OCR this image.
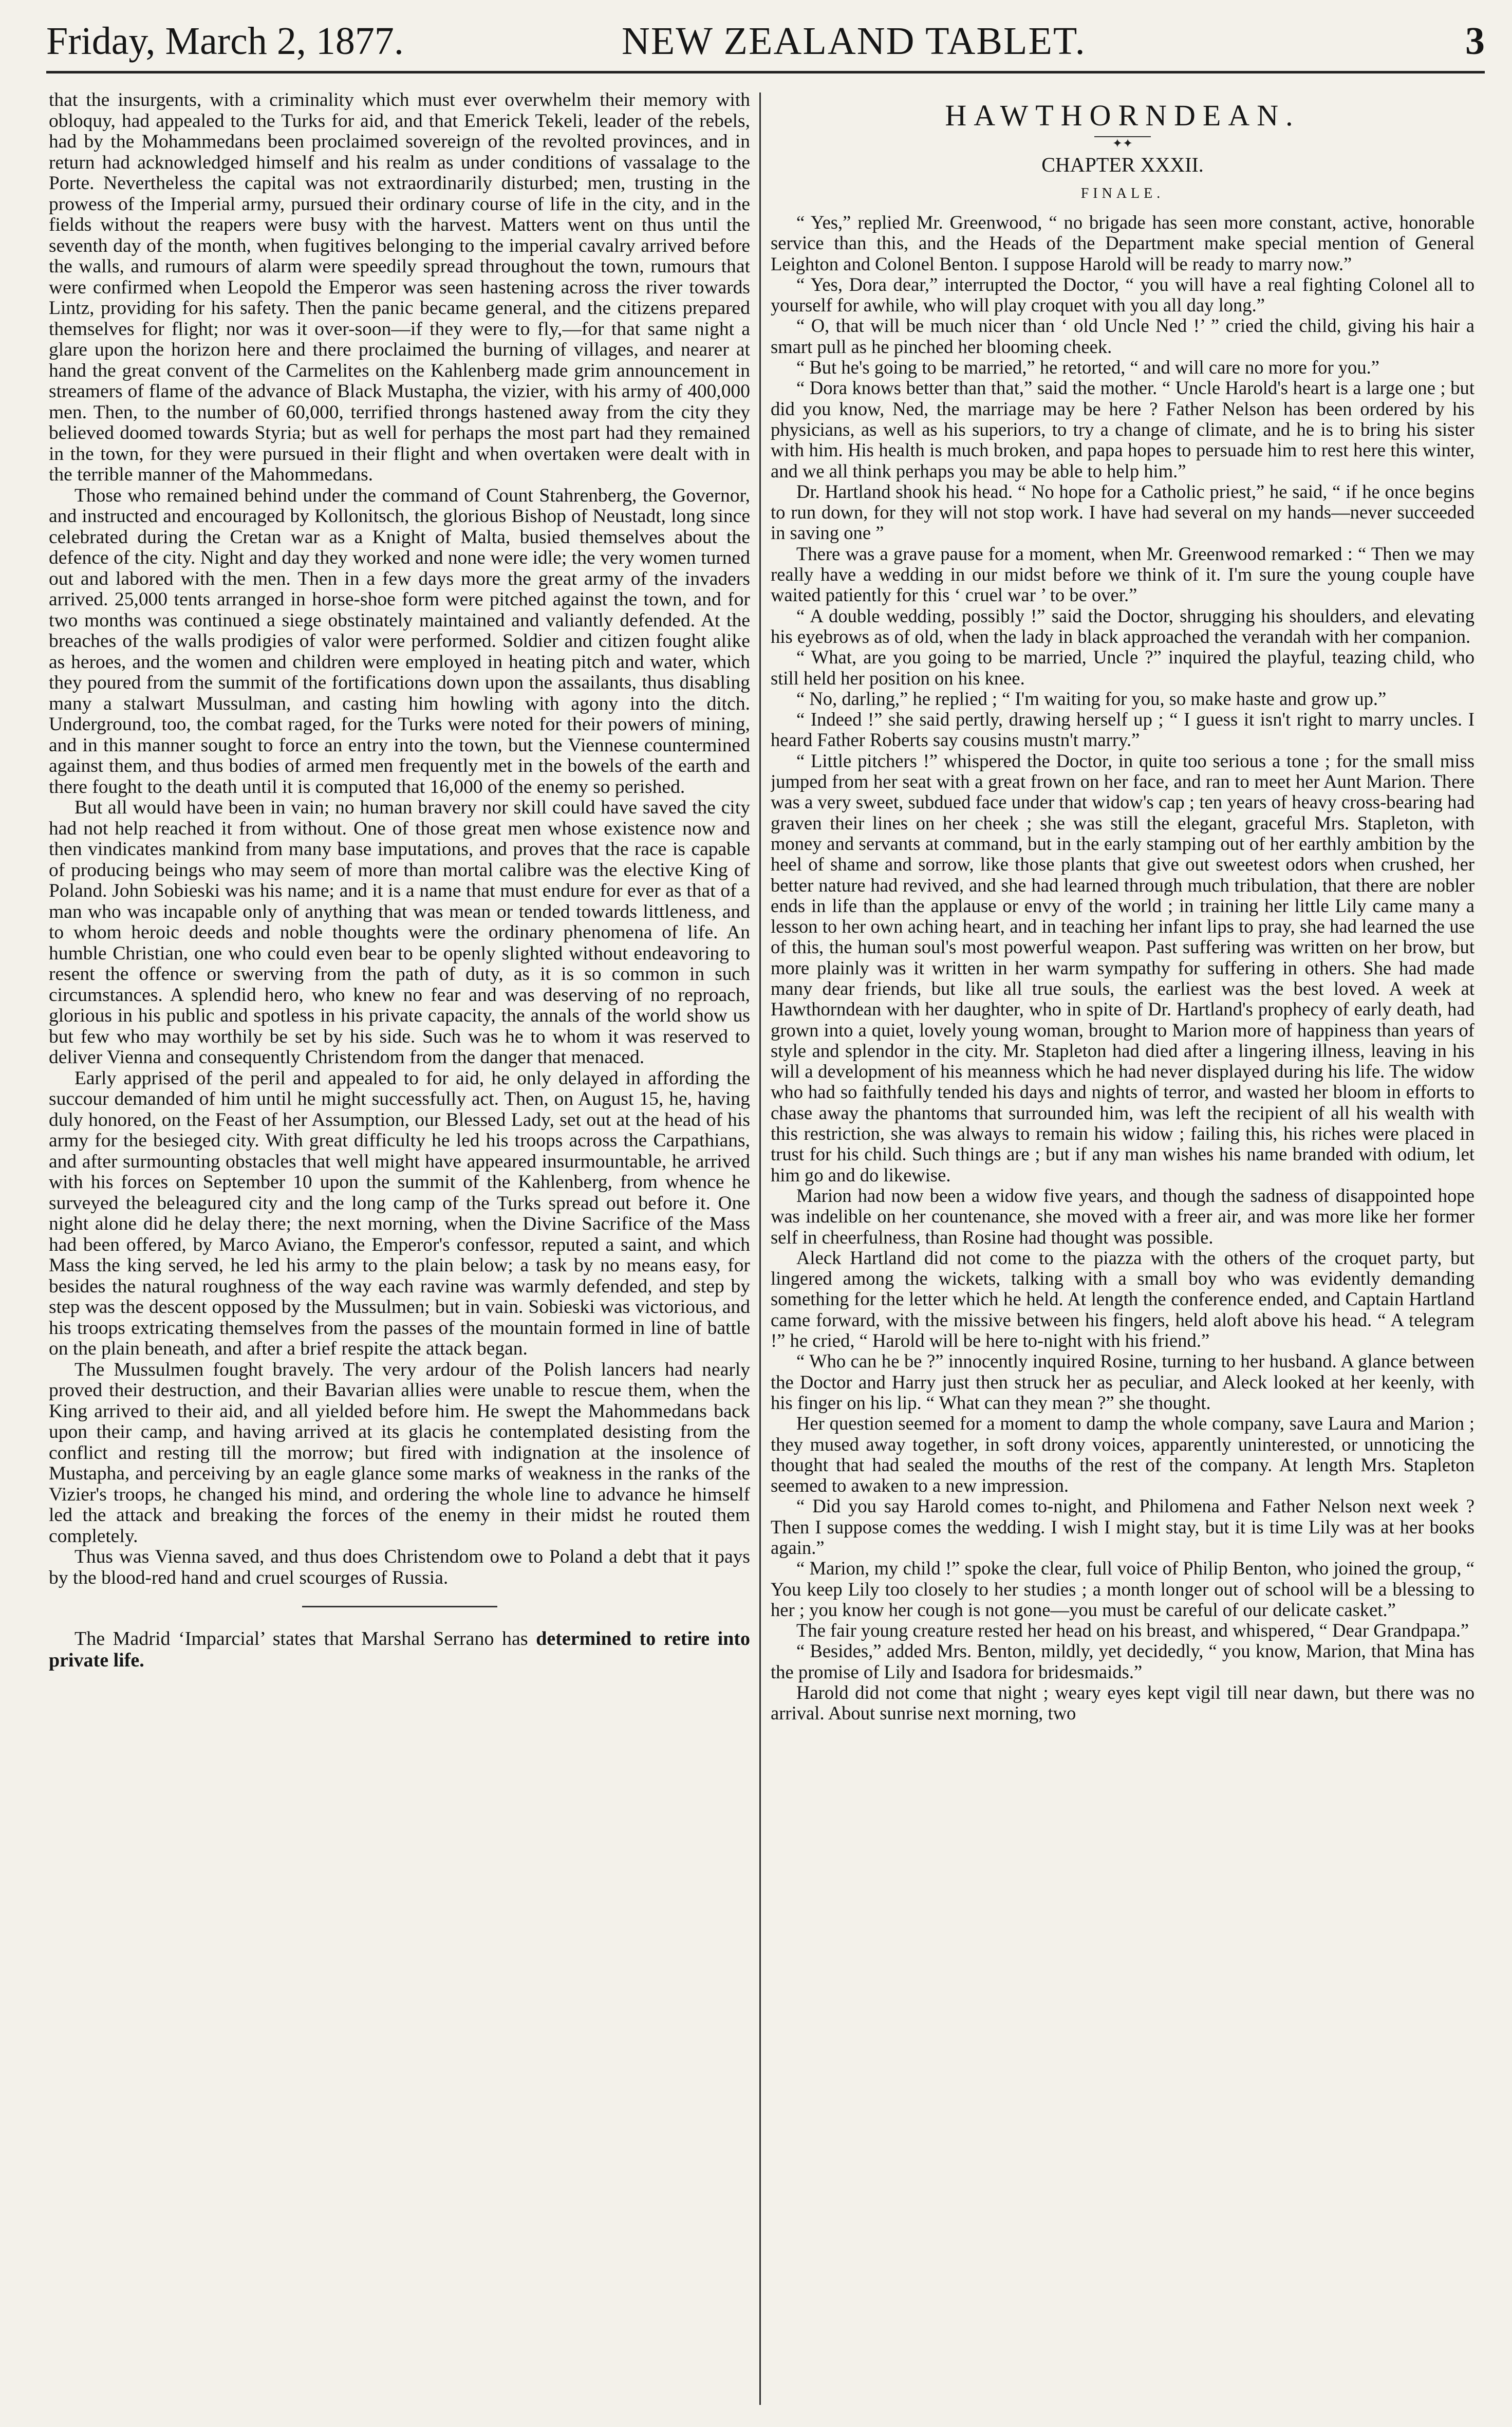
Friday, March 2, 1877.	NEW ZEALAND TABLET.	3

that the insurgents, with a criminality which must ever overwhelm their memory with obloquy, had appealed to the Turks for aid, and that Emerick Tekeli, leader of the rebels, had by the Mohammedans been proclaimed sovereign of the revolted provinces, and in return had acknowledged himself and his realm as under conditions of vassalage to the Porte. Nevertheless the capital was not extraordinarily disturbed; men, trusting in the prowess of the Imperial army, pursued their ordinary course of life in the city, and in the fields without the reapers were busy with the harvest. Matters went on thus until the seventh day of the month, when fugitives belonging to the imperial cavalry arrived before the walls, and rumours of alarm were speedily spread throughout the town, rumours that were confirmed when Leopold the Emperor was seen hastening across the river towards Lintz, providing for his safety. Then the panic became general, and the citizens prepared themselves for flight; nor was it over-soon—if they were to fly,—for that same night a glare upon the horizon here and there proclaimed the burning of villages, and nearer at hand the great convent of the Carmelites on the Kahlenberg made grim announcement in streamers of flame of the advance of Black Mustapha, the vizier, with his army of 400,000 men. Then, to the number of 60,000, terrified throngs hastened away from the city they believed doomed towards Styria; but as well for perhaps the most part had they remained in the town, for they were pursued in their flight and when overtaken were dealt with in the terrible manner of the Mahommedans.

Those who remained behind under the command of Count Stahrenberg, the Governor, and instructed and encouraged by Kollonitsch, the glorious Bishop of Neustadt, long since celebrated during the Cretan war as a Knight of Malta, busied themselves about the defence of the city. Night and day they worked and none were idle; the very women turned out and labored with the men. Then in a few days more the great army of the invaders arrived. 25,000 tents arranged in horse-shoe form were pitched against the town, and for two months was continued a siege obstinately maintained and valiantly defended. At the breaches of the walls prodigies of valor were performed. Soldier and citizen fought alike as heroes, and the women and children were employed in heating pitch and water, which they poured from the summit of the fortifications down upon the assailants, thus disabling many a stalwart Mussulman, and casting him howling with agony into the ditch. Underground, too, the combat raged, for the Turks were noted for their powers of mining, and in this manner sought to force an entry into the town, but the Viennese countermined against them, and thus bodies of armed men frequently met in the bowels of the earth and there fought to the death until it is computed that 16,000 of the enemy so perished.

But all would have been in vain; no human bravery nor skill could have saved the city had not help reached it from without. One of those great men whose existence now and then vindicates mankind from many base imputations, and proves that the race is capable of producing beings who may seem of more than mortal calibre was the elective King of Poland. John Sobieski was his name; and it is a name that must endure for ever as that of a man who was incapable only of anything that was mean or tended towards littleness, and to whom heroic deeds and noble thoughts were the ordinary phenomena of life. An humble Christian, one who could even bear to be openly slighted without endeavoring to resent the offence or swerving from the path of duty, as it is so common in such circumstances. A splendid hero, who knew no fear and was deserving of no reproach, glorious in his public and spotless in his private capacity, the annals of the world show us but few who may worthily be set by his side. Such was he to whom it was reserved to deliver Vienna and consequently Christendom from the danger that menaced.

Early apprised of the peril and appealed to for aid, he only delayed in affording the succour demanded of him until he might successfully act. Then, on August 15, he, having duly honored, on the Feast of her Assumption, our Blessed Lady, set out at the head of his army for the besieged city. With great difficulty he led his troops across the Carpathians, and after surmounting obstacles that well might have appeared insurmountable, he arrived with his forces on September 10 upon the summit of the Kahlenberg, from whence he surveyed the beleagured city and the long camp of the Turks spread out before it. One night alone did he delay there; the next morning, when the Divine Sacrifice of the Mass had been offered, by Marco Aviano, the Emperor's confessor, reputed a saint, and which Mass the king served, he led his army to the plain below; a task by no means easy, for besides the natural roughness of the way each ravine was warmly defended, and step by step was the descent opposed by the Mussulmen; but in vain. Sobieski was victorious, and his troops extricating themselves from the passes of the mountain formed in line of battle on the plain beneath, and after a brief respite the attack began.

The Mussulmen fought bravely. The very ardour of the Polish lancers had nearly proved their destruction, and their Bavarian allies were unable to rescue them, when the King arrived to their aid, and all yielded before him. He swept the Mahommedans back upon their camp, and having arrived at its glacis he contemplated desisting from the conflict and resting till the morrow; but fired with indignation at the insolence of Mustapha, and perceiving by an eagle glance some marks of weakness in the ranks of the Vizier's troops, he changed his mind, and ordering the whole line to advance he himself led the attack and breaking the forces of the enemy in their midst he routed them completely.

Thus was Vienna saved, and thus does Christendom owe to Poland a debt that it pays by the blood-red hand and cruel scourges of Russia.

The Madrid ‘Imparcial’ states that Marshal Serrano has determined to retire into private life.

HAWTHORNDEAN.
✦✦
CHAPTER XXXII.
FINALE.

“ Yes,” replied Mr. Greenwood, “ no brigade has seen more constant, active, honorable service than this, and the Heads of the Department make special mention of General Leighton and Colonel Benton. I suppose Harold will be ready to marry now.”

“ Yes, Dora dear,” interrupted the Doctor, “ you will have a real fighting Colonel all to yourself for awhile, who will play croquet with you all day long.”

“ O, that will be much nicer than ‘ old Uncle Ned !’ ” cried the child, giving his hair a smart pull as he pinched her blooming cheek.

“ But he's going to be married,” he retorted, “ and will care no more for you.”

“ Dora knows better than that,” said the mother. “ Uncle Harold's heart is a large one ; but did you know, Ned, the marriage may be here ? Father Nelson has been ordered by his physicians, as well as his superiors, to try a change of climate, and he is to bring his sister with him. His health is much broken, and papa hopes to persuade him to rest here this winter, and we all think perhaps you may be able to help him.”

Dr. Hartland shook his head. “ No hope for a Catholic priest,” he said, “ if he once begins to run down, for they will not stop work. I have had several on my hands—never succeeded in saving one ”

There was a grave pause for a moment, when Mr. Greenwood remarked : “ Then we may really have a wedding in our midst before we think of it. I'm sure the young couple have waited patiently for this ‘ cruel war ’ to be over.”

“ A double wedding, possibly !” said the Doctor, shrugging his shoulders, and elevating his eyebrows as of old, when the lady in black approached the verandah with her companion.

“ What, are you going to be married, Uncle ?” inquired the playful, teazing child, who still held her position on his knee.

“ No, darling,” he replied ; “ I'm waiting for you, so make haste and grow up.”

“ Indeed !” she said pertly, drawing herself up ; “ I guess it isn't right to marry uncles. I heard Father Roberts say cousins mustn't marry.”

“ Little pitchers !” whispered the Doctor, in quite too serious a tone ; for the small miss jumped from her seat with a great frown on her face, and ran to meet her Aunt Marion. There was a very sweet, subdued face under that widow's cap ; ten years of heavy cross-bearing had graven their lines on her cheek ; she was still the elegant, graceful Mrs. Stapleton, with money and servants at command, but in the early stamping out of her earthly ambition by the heel of shame and sorrow, like those plants that give out sweetest odors when crushed, her better nature had revived, and she had learned through much tribulation, that there are nobler ends in life than the applause or envy of the world ; in training her little Lily came many a lesson to her own aching heart, and in teaching her infant lips to pray, she had learned the use of this, the human soul's most powerful weapon. Past suffering was written on her brow, but more plainly was it written in her warm sympathy for suffering in others. She had made many dear friends, but like all true souls, the earliest was the best loved. A week at Hawthorndean with her daughter, who in spite of Dr. Hartland's prophecy of early death, had grown into a quiet, lovely young woman, brought to Marion more of happiness than years of style and splendor in the city. Mr. Stapleton had died after a lingering illness, leaving in his will a development of his meanness which he had never displayed during his life. The widow who had so faithfully tended his days and nights of terror, and wasted her bloom in efforts to chase away the phantoms that surrounded him, was left the recipient of all his wealth with this restriction, she was always to remain his widow ; failing this, his riches were placed in trust for his child. Such things are ; but if any man wishes his name branded with odium, let him go and do likewise.

Marion had now been a widow five years, and though the sadness of disappointed hope was indelible on her countenance, she moved with a freer air, and was more like her former self in cheerfulness, than Rosine had thought was possible.

Aleck Hartland did not come to the piazza with the others of the croquet party, but lingered among the wickets, talking with a small boy who was evidently demanding something for the letter which he held. At length the conference ended, and Captain Hartland came forward, with the missive between his fingers, held aloft above his head. “ A telegram !” he cried, “ Harold will be here to-night with his friend.”

“ Who can he be ?” innocently inquired Rosine, turning to her husband. A glance between the Doctor and Harry just then struck her as peculiar, and Aleck looked at her keenly, with his finger on his lip. “ What can they mean ?” she thought.

Her question seemed for a moment to damp the whole company, save Laura and Marion ; they mused away together, in soft drony voices, apparently uninterested, or unnoticing the thought that had sealed the mouths of the rest of the company. At length Mrs. Stapleton seemed to awaken to a new impression.

“ Did you say Harold comes to-night, and Philomena and Father Nelson next week ? Then I suppose comes the wedding. I wish I might stay, but it is time Lily was at her books again.”

“ Marion, my child !” spoke the clear, full voice of Philip Benton, who joined the group, “ You keep Lily too closely to her studies ; a month longer out of school will be a blessing to her ; you know her cough is not gone—you must be careful of our delicate casket.”

The fair young creature rested her head on his breast, and whispered, “ Dear Grandpapa.”

“ Besides,” added Mrs. Benton, mildly, yet decidedly, “ you know, Marion, that Mina has the promise of Lily and Isadora for bridesmaids.”

Harold did not come that night ; weary eyes kept vigil till near dawn, but there was no arrival. About sunrise next morning, two
